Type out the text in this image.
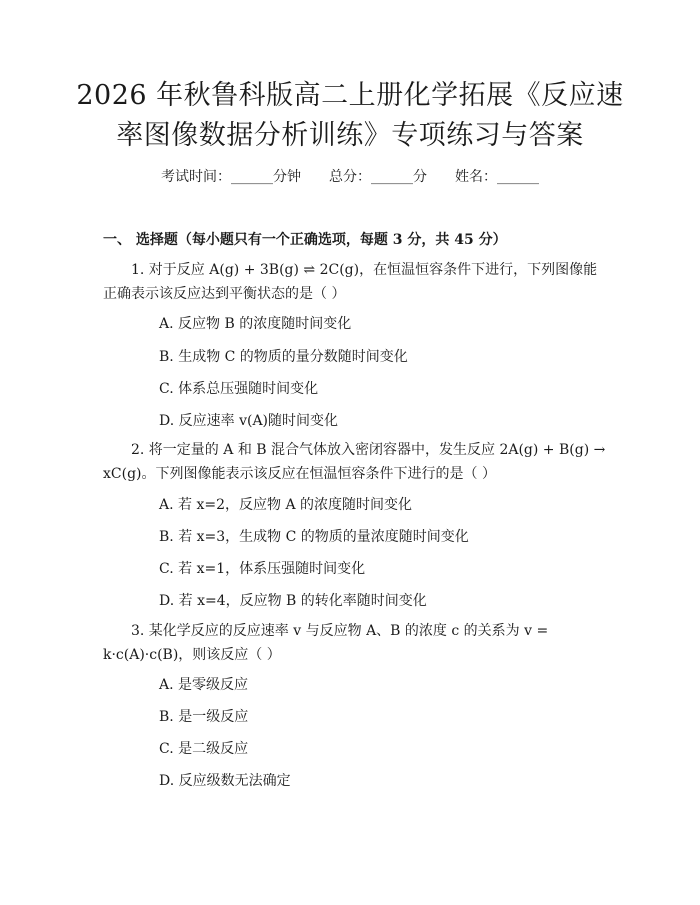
2026 年秋鲁科版高二上册化学拓展《反应速
率图像数据分析训练》专项练习与答案
考试时间：______分钟 总分：______分 姓名：______
一、 选择题（每小题只有一个正确选项，每题 3 分，共 45 分）
1. 对于反应 A(g) + 3B(g) ⇌ 2C(g)，在恒温恒容条件下进行，下列图像能
正确表示该反应达到平衡状态的是（ ）
A. 反应物 B 的浓度随时间变化
B. 生成物 C 的物质的量分数随时间变化
C. 体系总压强随时间变化
D. 反应速率 v(A)随时间变化
2. 将一定量的 A 和 B 混合气体放入密闭容器中，发生反应 2A(g) + B(g) →
xC(g)。下列图像能表示该反应在恒温恒容条件下进行的是（ ）
A. 若 x=2，反应物 A 的浓度随时间变化
B. 若 x=3，生成物 C 的物质的量浓度随时间变化
C. 若 x=1，体系压强随时间变化
D. 若 x=4，反应物 B 的转化率随时间变化
3. 某化学反应的反应速率 v 与反应物 A、B 的浓度 c 的关系为 v =
k·c(A)·c(B)，则该反应（ ）
A. 是零级反应
B. 是一级反应
C. 是二级反应
D. 反应级数无法确定
